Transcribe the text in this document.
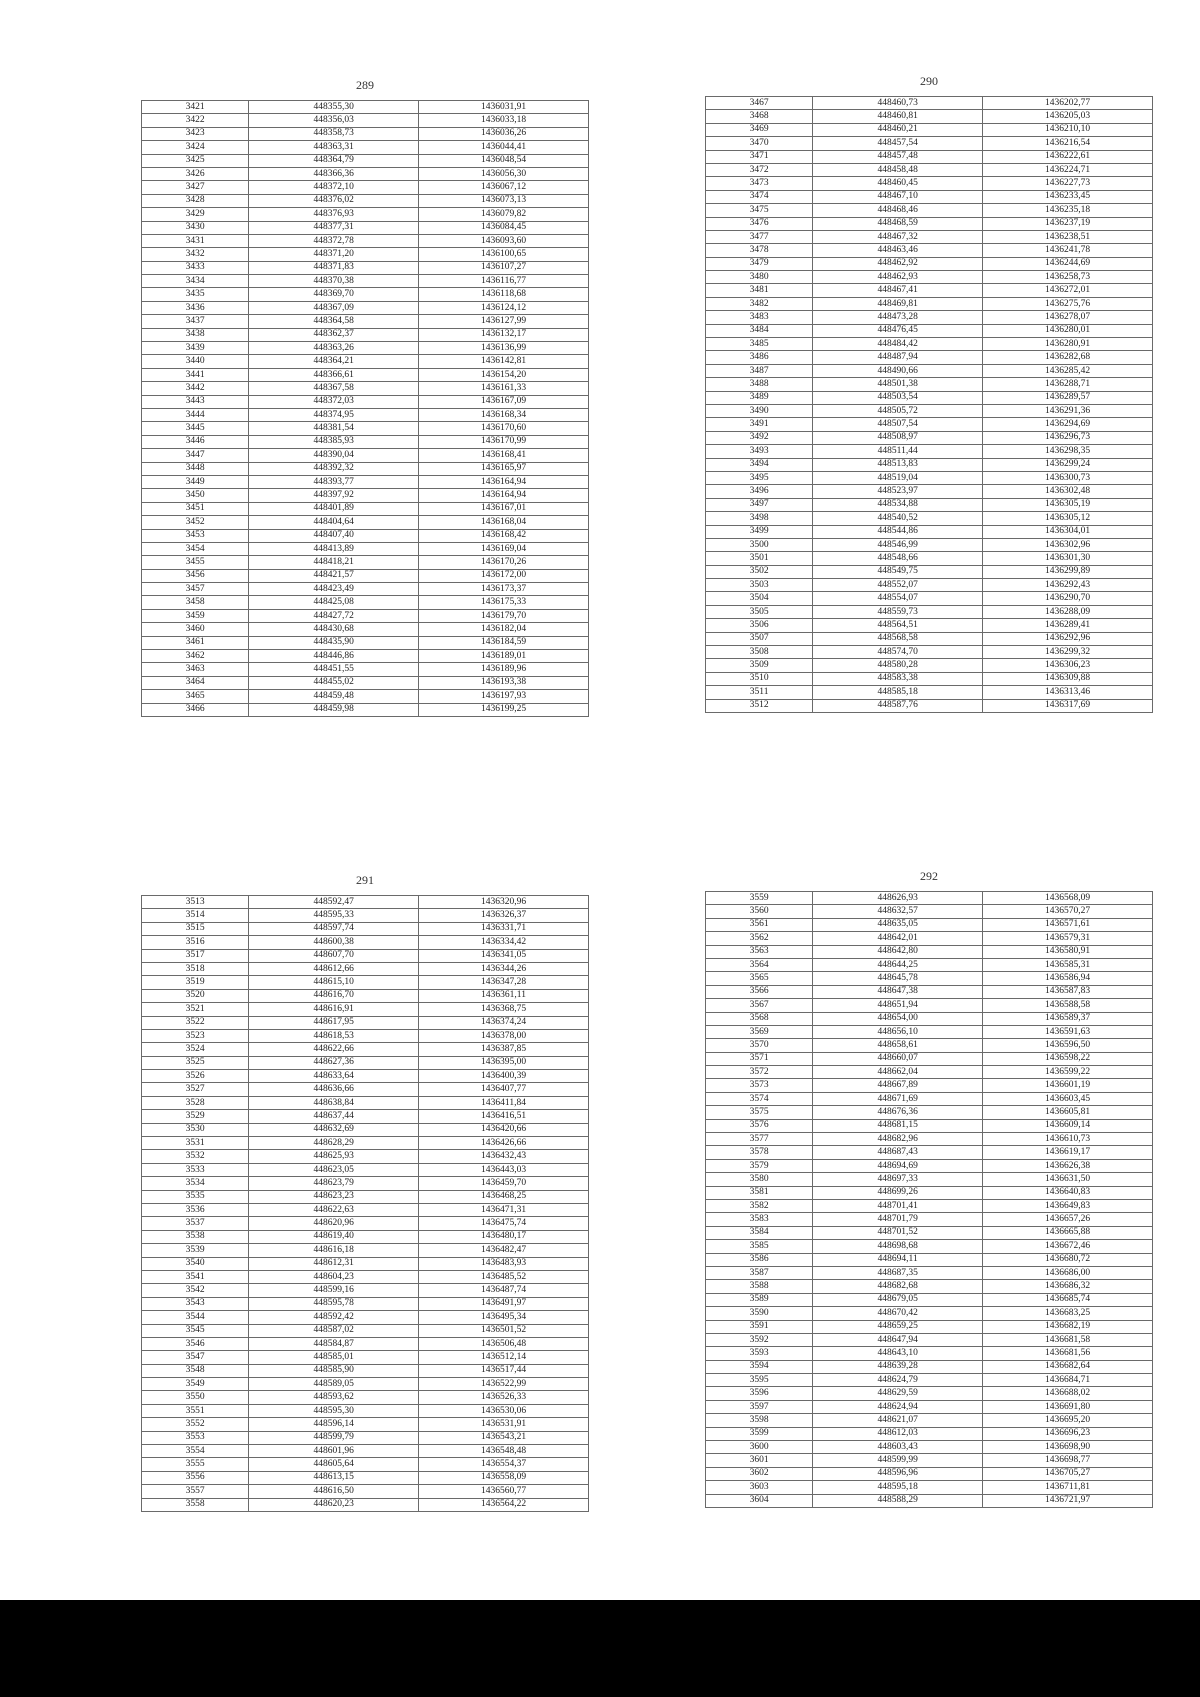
289
3421	448355,30	1436031,91
3422	448356,03	1436033,18
3423	448358,73	1436036,26
3424	448363,31	1436044,41
3425	448364,79	1436048,54
3426	448366,36	1436056,30
3427	448372,10	1436067,12
3428	448376,02	1436073,13
3429	448376,93	1436079,82
3430	448377,31	1436084,45
3431	448372,78	1436093,60
3432	448371,20	1436100,65
3433	448371,83	1436107,27
3434	448370,38	1436116,77
3435	448369,70	1436118,68
3436	448367,09	1436124,12
3437	448364,58	1436127,99
3438	448362,37	1436132,17
3439	448363,26	1436136,99
3440	448364,21	1436142,81
3441	448366,61	1436154,20
3442	448367,58	1436161,33
3443	448372,03	1436167,09
3444	448374,95	1436168,34
3445	448381,54	1436170,60
3446	448385,93	1436170,99
3447	448390,04	1436168,41
3448	448392,32	1436165,97
3449	448393,77	1436164,94
3450	448397,92	1436164,94
3451	448401,89	1436167,01
3452	448404,64	1436168,04
3453	448407,40	1436168,42
3454	448413,89	1436169,04
3455	448418,21	1436170,26
3456	448421,57	1436172,00
3457	448423,49	1436173,37
3458	448425,08	1436175,33
3459	448427,72	1436179,70
3460	448430,68	1436182,04
3461	448435,90	1436184,59
3462	448446,86	1436189,01
3463	448451,55	1436189,96
3464	448455,02	1436193,38
3465	448459,48	1436197,93
3466	448459,98	1436199,25
290
3467	448460,73	1436202,77
3468	448460,81	1436205,03
3469	448460,21	1436210,10
3470	448457,54	1436216,54
3471	448457,48	1436222,61
3472	448458,48	1436224,71
3473	448460,45	1436227,73
3474	448467,10	1436233,45
3475	448468,46	1436235,18
3476	448468,59	1436237,19
3477	448467,32	1436238,51
3478	448463,46	1436241,78
3479	448462,92	1436244,69
3480	448462,93	1436258,73
3481	448467,41	1436272,01
3482	448469,81	1436275,76
3483	448473,28	1436278,07
3484	448476,45	1436280,01
3485	448484,42	1436280,91
3486	448487,94	1436282,68
3487	448490,66	1436285,42
3488	448501,38	1436288,71
3489	448503,54	1436289,57
3490	448505,72	1436291,36
3491	448507,54	1436294,69
3492	448508,97	1436296,73
3493	448511,44	1436298,35
3494	448513,83	1436299,24
3495	448519,04	1436300,73
3496	448523,97	1436302,48
3497	448534,88	1436305,19
3498	448540,52	1436305,12
3499	448544,86	1436304,01
3500	448546,99	1436302,96
3501	448548,66	1436301,30
3502	448549,75	1436299,89
3503	448552,07	1436292,43
3504	448554,07	1436290,70
3505	448559,73	1436288,09
3506	448564,51	1436289,41
3507	448568,58	1436292,96
3508	448574,70	1436299,32
3509	448580,28	1436306,23
3510	448583,38	1436309,88
3511	448585,18	1436313,46
3512	448587,76	1436317,69
291
3513	448592,47	1436320,96
3514	448595,33	1436326,37
3515	448597,74	1436331,71
3516	448600,38	1436334,42
3517	448607,70	1436341,05
3518	448612,66	1436344,26
3519	448615,10	1436347,28
3520	448616,70	1436361,11
3521	448616,91	1436368,75
3522	448617,95	1436374,24
3523	448618,53	1436378,00
3524	448622,66	1436387,85
3525	448627,36	1436395,00
3526	448633,64	1436400,39
3527	448636,66	1436407,77
3528	448638,84	1436411,84
3529	448637,44	1436416,51
3530	448632,69	1436420,66
3531	448628,29	1436426,66
3532	448625,93	1436432,43
3533	448623,05	1436443,03
3534	448623,79	1436459,70
3535	448623,23	1436468,25
3536	448622,63	1436471,31
3537	448620,96	1436475,74
3538	448619,40	1436480,17
3539	448616,18	1436482,47
3540	448612,31	1436483,93
3541	448604,23	1436485,52
3542	448599,16	1436487,74
3543	448595,78	1436491,97
3544	448592,42	1436495,34
3545	448587,02	1436501,52
3546	448584,87	1436506,48
3547	448585,01	1436512,14
3548	448585,90	1436517,44
3549	448589,05	1436522,99
3550	448593,62	1436526,33
3551	448595,30	1436530,06
3552	448596,14	1436531,91
3553	448599,79	1436543,21
3554	448601,96	1436548,48
3555	448605,64	1436554,37
3556	448613,15	1436558,09
3557	448616,50	1436560,77
3558	448620,23	1436564,22
292
3559	448626,93	1436568,09
3560	448632,57	1436570,27
3561	448635,05	1436571,61
3562	448642,01	1436579,31
3563	448642,80	1436580,91
3564	448644,25	1436585,31
3565	448645,78	1436586,94
3566	448647,38	1436587,83
3567	448651,94	1436588,58
3568	448654,00	1436589,37
3569	448656,10	1436591,63
3570	448658,61	1436596,50
3571	448660,07	1436598,22
3572	448662,04	1436599,22
3573	448667,89	1436601,19
3574	448671,69	1436603,45
3575	448676,36	1436605,81
3576	448681,15	1436609,14
3577	448682,96	1436610,73
3578	448687,43	1436619,17
3579	448694,69	1436626,38
3580	448697,33	1436631,50
3581	448699,26	1436640,83
3582	448701,41	1436649,83
3583	448701,79	1436657,26
3584	448701,52	1436665,88
3585	448698,68	1436672,46
3586	448694,11	1436680,72
3587	448687,35	1436686,00
3588	448682,68	1436686,32
3589	448679,05	1436685,74
3590	448670,42	1436683,25
3591	448659,25	1436682,19
3592	448647,94	1436681,58
3593	448643,10	1436681,56
3594	448639,28	1436682,64
3595	448624,79	1436684,71
3596	448629,59	1436688,02
3597	448624,94	1436691,80
3598	448621,07	1436695,20
3599	448612,03	1436696,23
3600	448603,43	1436698,90
3601	448599,99	1436698,77
3602	448596,96	1436705,27
3603	448595,18	1436711,81
3604	448588,29	1436721,97
